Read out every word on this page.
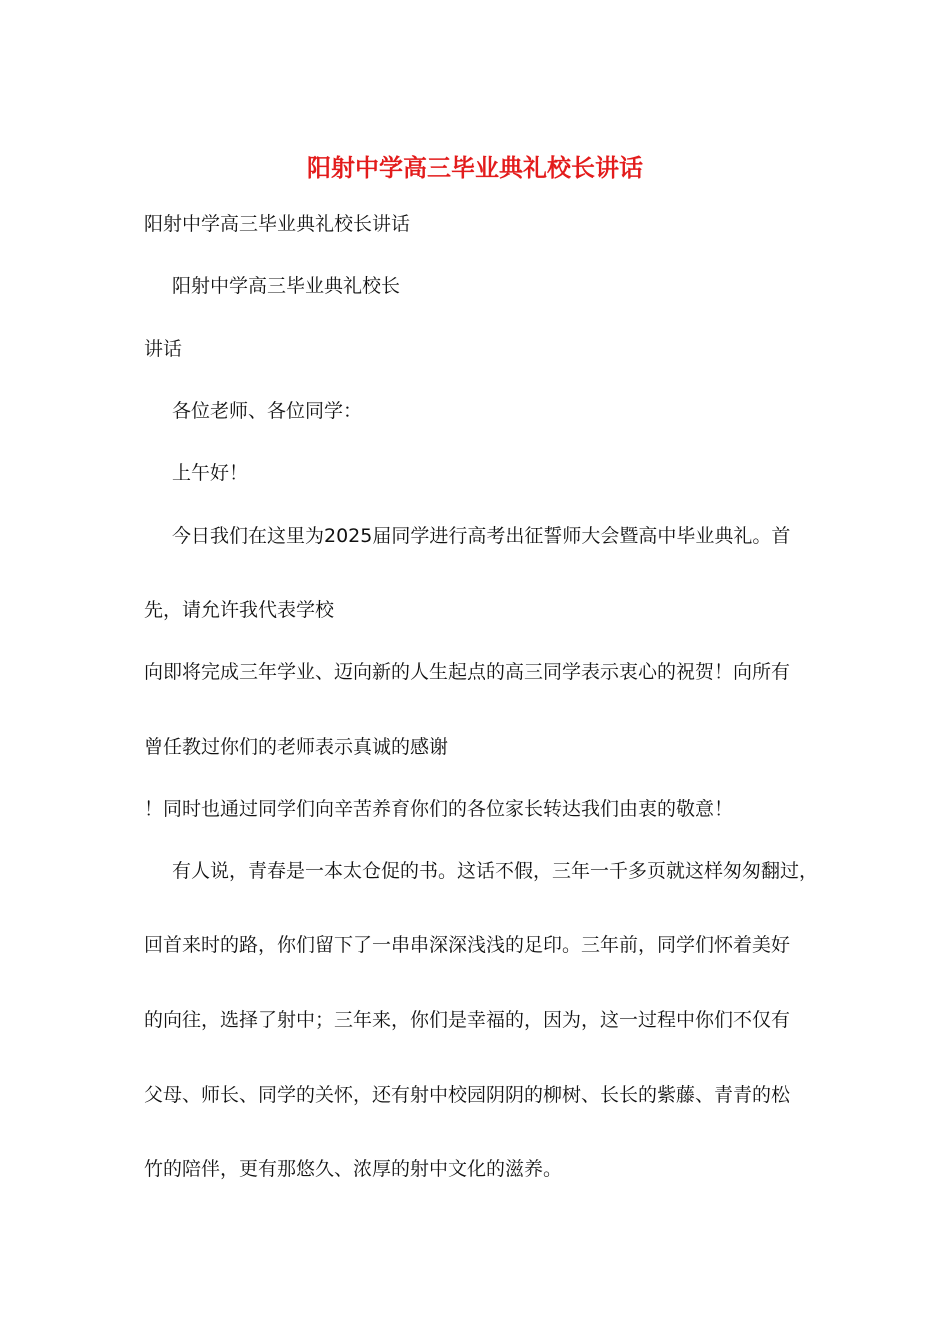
阳射中学高三毕业典礼校长讲话
阳射中学高三毕业典礼校长讲话
阳射中学高三毕业典礼校长
讲话
各位老师、各位同学：
上午好！
今日我们在这里为2025届同学进行高考出征誓师大会暨高中毕业典礼。首
先，请允许我代表学校
向即将完成三年学业、迈向新的人生起点的高三同学表示衷心的祝贺！向所有
曾任教过你们的老师表示真诚的感谢
！同时也通过同学们向辛苦养育你们的各位家长转达我们由衷的敬意！
有人说，青春是一本太仓促的书。这话不假，三年一千多页就这样匆匆翻过，
回首来时的路，你们留下了一串串深深浅浅的足印。三年前，同学们怀着美好
的向往，选择了射中；三年来，你们是幸福的，因为，这一过程中你们不仅有
父母、师长、同学的关怀，还有射中校园阴阴的柳树、长长的紫藤、青青的松
竹的陪伴，更有那悠久、浓厚的射中文化的滋养。
